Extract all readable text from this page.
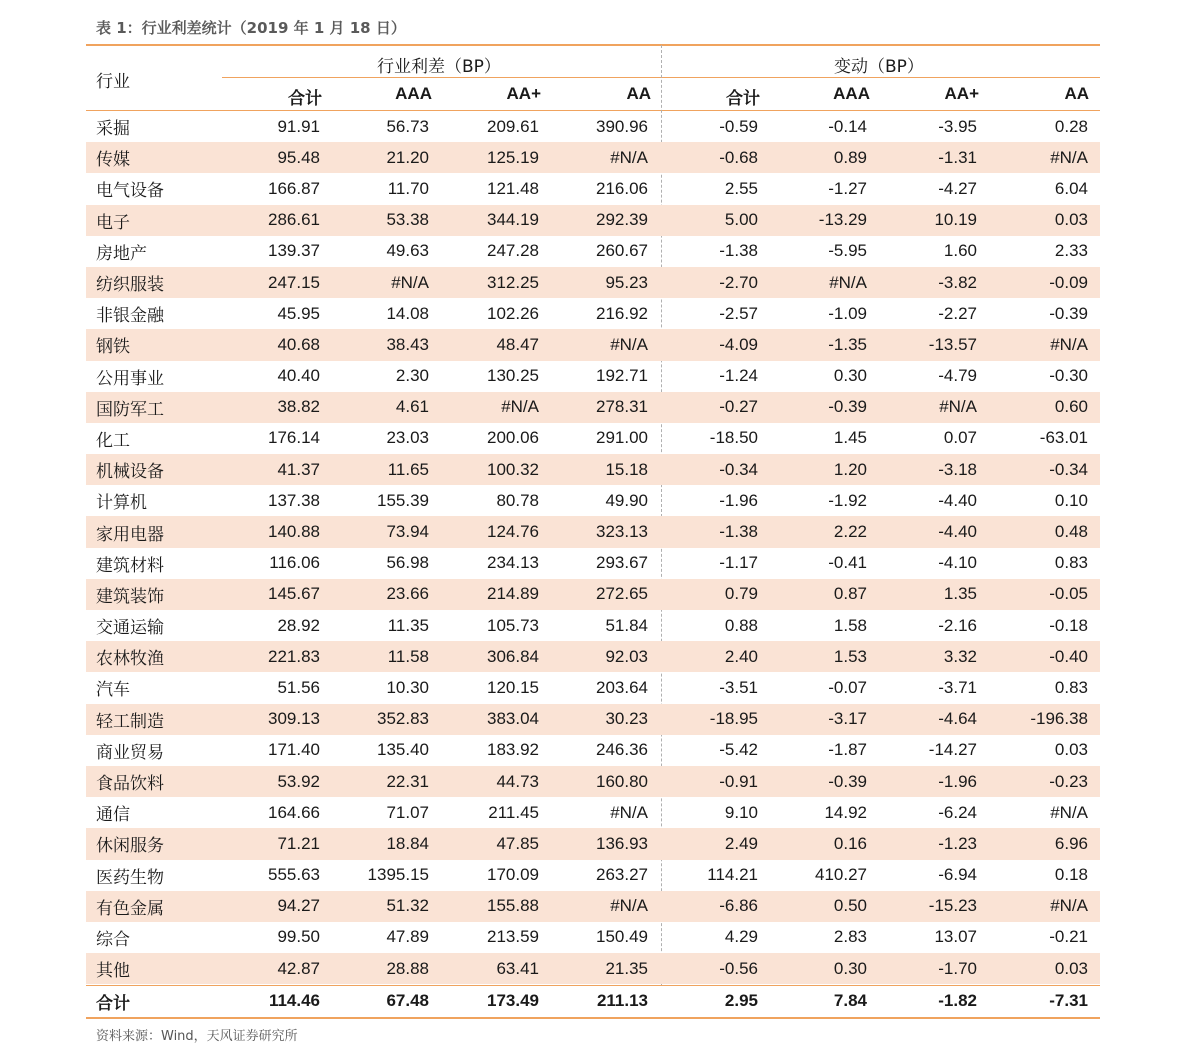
表 1：行业利差统计（2019 年 1 月 18 日）
行业
行业利差（BP）	变动（BP）
合计	AAA	AA+	AA	合计	AAA	AA+	AA
采掘	91.91	56.73	209.61	390.96	-0.59	-0.14	-3.95	0.28
传媒	95.48	21.20	125.19	#N/A	-0.68	0.89	-1.31	#N/A
电气设备	166.87	11.70	121.48	216.06	2.55	-1.27	-4.27	6.04
电子	286.61	53.38	344.19	292.39	5.00	-13.29	10.19	0.03
房地产	139.37	49.63	247.28	260.67	-1.38	-5.95	1.60	2.33
纺织服装	247.15	#N/A	312.25	95.23	-2.70	#N/A	-3.82	-0.09
非银金融	45.95	14.08	102.26	216.92	-2.57	-1.09	-2.27	-0.39
钢铁	40.68	38.43	48.47	#N/A	-4.09	-1.35	-13.57	#N/A
公用事业	40.40	2.30	130.25	192.71	-1.24	0.30	-4.79	-0.30
国防军工	38.82	4.61	#N/A	278.31	-0.27	-0.39	#N/A	0.60
化工	176.14	23.03	200.06	291.00	-18.50	1.45	0.07	-63.01
机械设备	41.37	11.65	100.32	15.18	-0.34	1.20	-3.18	-0.34
计算机	137.38	155.39	80.78	49.90	-1.96	-1.92	-4.40	0.10
家用电器	140.88	73.94	124.76	323.13	-1.38	2.22	-4.40	0.48
建筑材料	116.06	56.98	234.13	293.67	-1.17	-0.41	-4.10	0.83
建筑装饰	145.67	23.66	214.89	272.65	0.79	0.87	1.35	-0.05
交通运输	28.92	11.35	105.73	51.84	0.88	1.58	-2.16	-0.18
农林牧渔	221.83	11.58	306.84	92.03	2.40	1.53	3.32	-0.40
汽车	51.56	10.30	120.15	203.64	-3.51	-0.07	-3.71	0.83
轻工制造	309.13	352.83	383.04	30.23	-18.95	-3.17	-4.64	-196.38
商业贸易	171.40	135.40	183.92	246.36	-5.42	-1.87	-14.27	0.03
食品饮料	53.92	22.31	44.73	160.80	-0.91	-0.39	-1.96	-0.23
通信	164.66	71.07	211.45	#N/A	9.10	14.92	-6.24	#N/A
休闲服务	71.21	18.84	47.85	136.93	2.49	0.16	-1.23	6.96
医药生物	555.63	1395.15	170.09	263.27	114.21	410.27	-6.94	0.18
有色金属	94.27	51.32	155.88	#N/A	-6.86	0.50	-15.23	#N/A
综合	99.50	47.89	213.59	150.49	4.29	2.83	13.07	-0.21
其他	42.87	28.88	63.41	21.35	-0.56	0.30	-1.70	0.03
合计	114.46	67.48	173.49	211.13	2.95	7.84	-1.82	-7.31
资料来源：Wind，天风证券研究所
